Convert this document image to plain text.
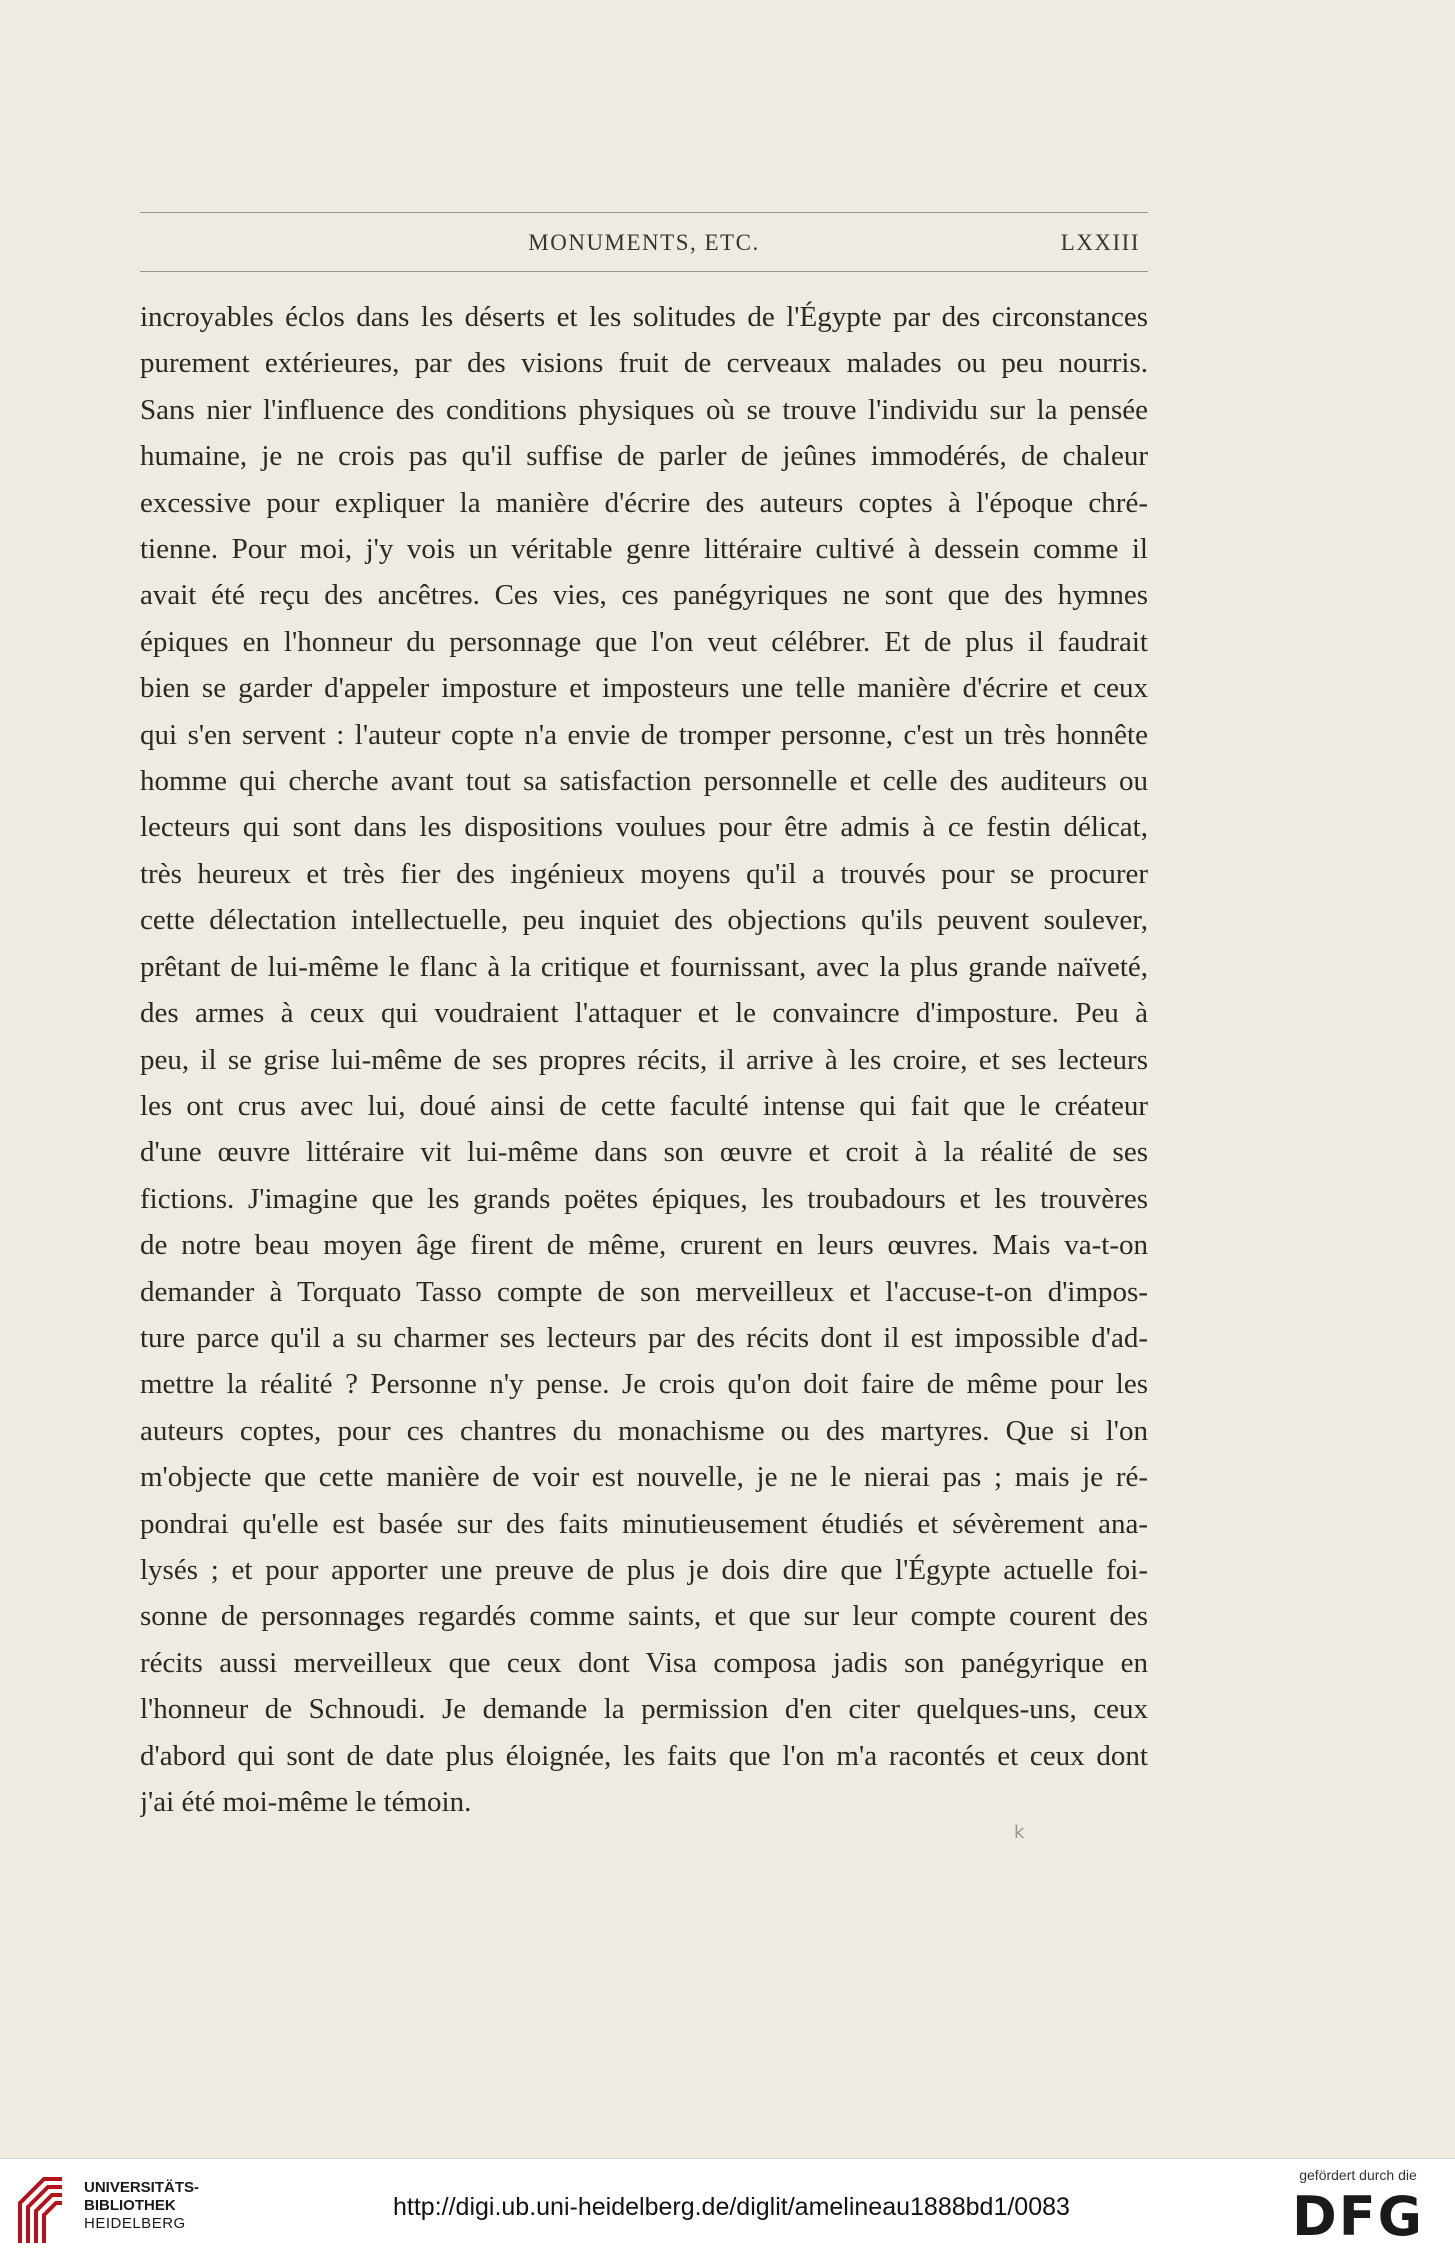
MONUMENTS, ETC.	LXXIII
incroyables éclos dans les déserts et les solitudes de l'Égypte par des circonstances
purement extérieures, par des visions fruit de cerveaux malades ou peu nourris.
Sans nier l'influence des conditions physiques où se trouve l'individu sur la pensée
humaine, je ne crois pas qu'il suffise de parler de jeûnes immodérés, de chaleur
excessive pour expliquer la manière d'écrire des auteurs coptes à l'époque chré-
tienne. Pour moi, j'y vois un véritable genre littéraire cultivé à dessein comme il
avait été reçu des ancêtres. Ces vies, ces panégyriques ne sont que des hymnes
épiques en l'honneur du personnage que l'on veut célébrer. Et de plus il faudrait
bien se garder d'appeler imposture et imposteurs une telle manière d'écrire et ceux
qui s'en servent : l'auteur copte n'a envie de tromper personne, c'est un très honnête
homme qui cherche avant tout sa satisfaction personnelle et celle des auditeurs ou
lecteurs qui sont dans les dispositions voulues pour être admis à ce festin délicat,
très heureux et très fier des ingénieux moyens qu'il a trouvés pour se procurer
cette délectation intellectuelle, peu inquiet des objections qu'ils peuvent soulever,
prêtant de lui-même le flanc à la critique et fournissant, avec la plus grande naïveté,
des armes à ceux qui voudraient l'attaquer et le convaincre d'imposture. Peu à
peu, il se grise lui-même de ses propres récits, il arrive à les croire, et ses lecteurs
les ont crus avec lui, doué ainsi de cette faculté intense qui fait que le créateur
d'une œuvre littéraire vit lui-même dans son œuvre et croit à la réalité de ses
fictions. J'imagine que les grands poëtes épiques, les troubadours et les trouvères
de notre beau moyen âge firent de même, crurent en leurs œuvres. Mais va-t-on
demander à Torquato Tasso compte de son merveilleux et l'accuse-t-on d'impos-
ture parce qu'il a su charmer ses lecteurs par des récits dont il est impossible d'ad-
mettre la réalité ? Personne n'y pense. Je crois qu'on doit faire de même pour les
auteurs coptes, pour ces chantres du monachisme ou des martyres. Que si l'on
m'objecte que cette manière de voir est nouvelle, je ne le nierai pas ; mais je ré-
pondrai qu'elle est basée sur des faits minutieusement étudiés et sévèrement ana-
lysés ; et pour apporter une preuve de plus je dois dire que l'Égypte actuelle foi-
sonne de personnages regardés comme saints, et que sur leur compte courent des
récits aussi merveilleux que ceux dont Visa composa jadis son panégyrique en
l'honneur de Schnoudi. Je demande la permission d'en citer quelques-uns, ceux
d'abord qui sont de date plus éloignée, les faits que l'on m'a racontés et ceux dont
j'ai été moi-même le témoin.
k
UNIVERSITÄTS-
BIBLIOTHEK
HEIDELBERG
http://digi.ub.uni-heidelberg.de/diglit/amelineau1888bd1/0083
gefördert durch die
DFG
